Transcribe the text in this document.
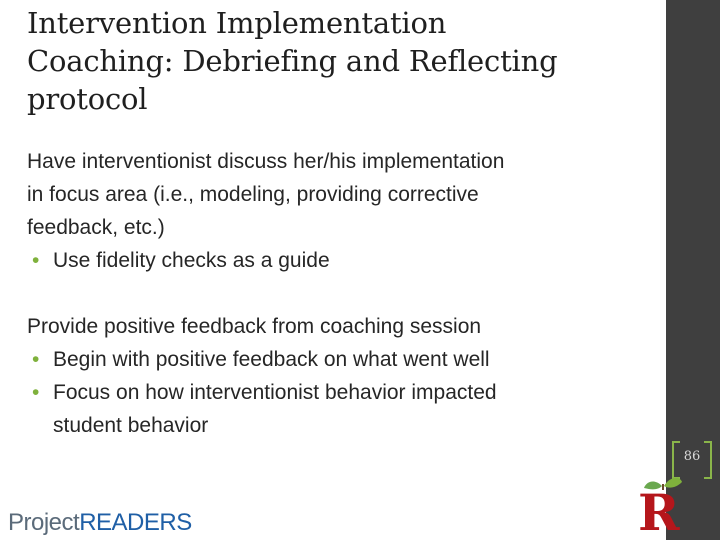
Intervention Implementation
Coaching: Debriefing and Reflecting
protocol
Have interventionist discuss her/his implementation
in focus area (i.e., modeling, providing corrective
feedback, etc.)
• Use fidelity checks as a guide
Provide positive feedback from coaching session
• Begin with positive feedback on what went well
• Focus on how interventionist behavior impacted
student behavior
86
R
ProjectREADERS
